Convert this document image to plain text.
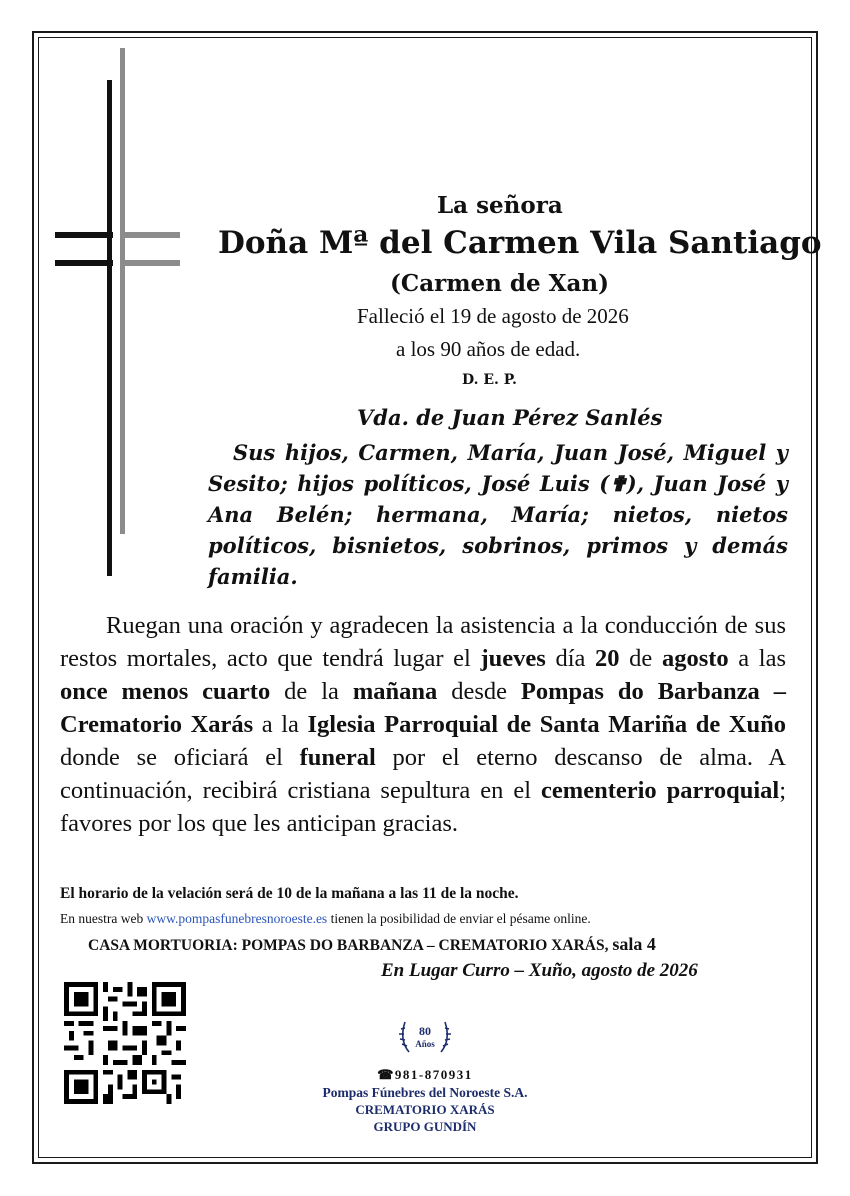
La señora
Doña Mª del Carmen Vila Santiago
(Carmen de Xan)
Falleció el 19 de agosto de 2026
a los 90 años de edad.
D. E. P.
Vda. de Juan Pérez Sanlés
Sus hijos, Carmen, María, Juan José, Miguel y Sesito; hijos políticos, José Luis (✟), Juan José y Ana Belén; hermana, María; nietos, nietos políticos, bisnietos, sobrinos, primos y demás familia.
Ruegan una oración y agradecen la asistencia a la conducción de sus restos mortales, acto que tendrá lugar el jueves día 20 de agosto a las once menos cuarto de la mañana desde Pompas do Barbanza – Crematorio Xarás a la Iglesia Parroquial de Santa Mariña de Xuño donde se oficiará el funeral por el eterno descanso de alma. A continuación, recibirá cristiana sepultura en el cementerio parroquial; favores por los que les anticipan gracias.
El horario de la velación será de 10 de la mañana a las 11 de la noche.
En nuestra web www.pompasfunebresnoroeste.es tienen la posibilidad de enviar el pésame online.
CASA MORTUORIA: POMPAS DO BARBANZA – CREMATORIO XARÁS, sala 4
En Lugar Curro – Xuño, agosto de 2026
80
Años
☎981-870931
Pompas Fúnebres del Noroeste S.A.
CREMATORIO XARÁS
GRUPO GUNDÍN
